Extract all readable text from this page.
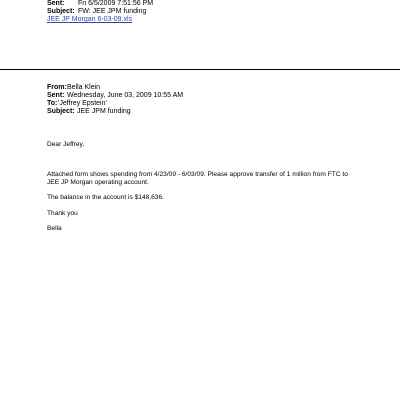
Sent: Fri 6/5/2009 7:51:56 PM
Subject: FW: JEE JPM funding
JEE JP Morgan 6-03-09.xls
From:Bella Klein
Sent: Wednesday, June 03, 2009 10:55 AM
To:'Jeffrey Epstein'
Subject: JEE JPM funding
Dear Jeffrey,
Attached form shows spending from 4/23/09 - 6/03/09. Please approve transfer of 1 million from FTC to
JEE JP Morgan operating account.
The balance in the account is $148,636.
Thank you
Bella
